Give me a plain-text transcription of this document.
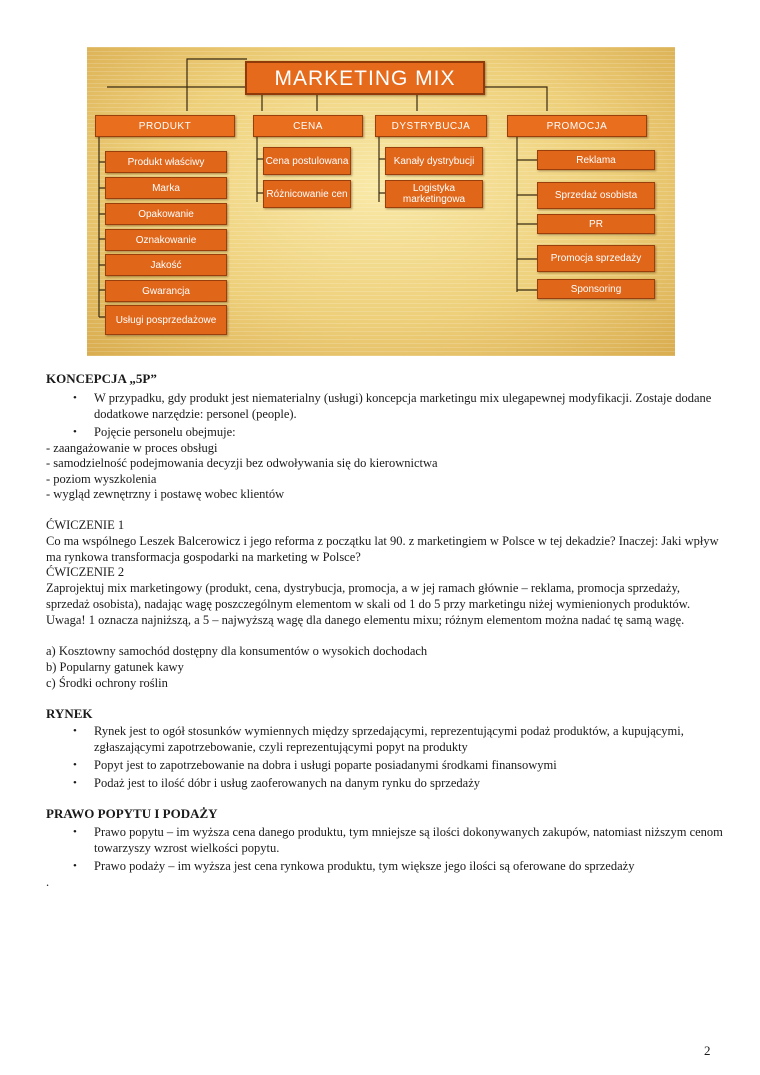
MARKETING MIX
PRODUKT	CENA	DYSTRYBUCJA	PROMOCJA
Produkt właściwy
Marka
Opakowanie
Oznakowanie
Jakość
Gwarancja
Usługi posprzedażowe
Cena postulowana
Różnicowanie cen
Kanały dystrybucji
Logistyka marketingowa
Reklama
Sprzedaż osobista
PR
Promocja sprzedaży
Sponsoring
KONCEPCJA „5P”
• W przypadku, gdy produkt jest niematerialny (usługi) koncepcja marketingu mix ulegapewnej modyfikacji. Zostaje dodane dodatkowe narzędzie: personel (people).
• Pojęcie personelu obejmuje:
- zaangażowanie w proces obsługi
- samodzielność podejmowania decyzji bez odwoływania się do kierownictwa
- poziom wyszkolenia
- wygląd zewnętrzny i postawę wobec klientów
ĆWICZENIE 1
Co ma wspólnego Leszek Balcerowicz i jego reforma z początku lat 90. z marketingiem w Polsce w tej dekadzie? Inaczej: Jaki wpływ ma rynkowa transformacja gospodarki na marketing w Polsce?
ĆWICZENIE 2
Zaprojektuj mix marketingowy (produkt, cena, dystrybucja, promocja, a w jej ramach głównie – reklama, promocja sprzedaży, sprzedaż osobista), nadając wagę poszczególnym elementom w skali od 1 do 5 przy marketingu niżej wymienionych produktów. Uwaga! 1 oznacza najniższą, a 5 – najwyższą wagę dla danego elementu mixu; różnym elementom można nadać tę samą wagę.
a) Kosztowny samochód dostępny dla konsumentów o wysokich dochodach
b) Popularny gatunek kawy
c) Środki ochrony roślin
RYNEK
• Rynek jest to ogół stosunków wymiennych między sprzedającymi, reprezentującymi podaż produktów, a kupującymi, zgłaszającymi zapotrzebowanie, czyli reprezentującymi popyt na produkty
• Popyt jest to zapotrzebowanie na dobra i usługi poparte posiadanymi środkami finansowymi
• Podaż jest to ilość dóbr i usług zaoferowanych na danym rynku do sprzedaży
PRAWO POPYTU I PODAŻY
• Prawo popytu – im wyższa cena danego produktu, tym mniejsze są ilości dokonywanych zakupów, natomiast niższym cenom towarzyszy wzrost wielkości popytu.
• Prawo podaży – im wyższa jest cena rynkowa produktu, tym większe jego ilości są oferowane do sprzedaży
.
2
